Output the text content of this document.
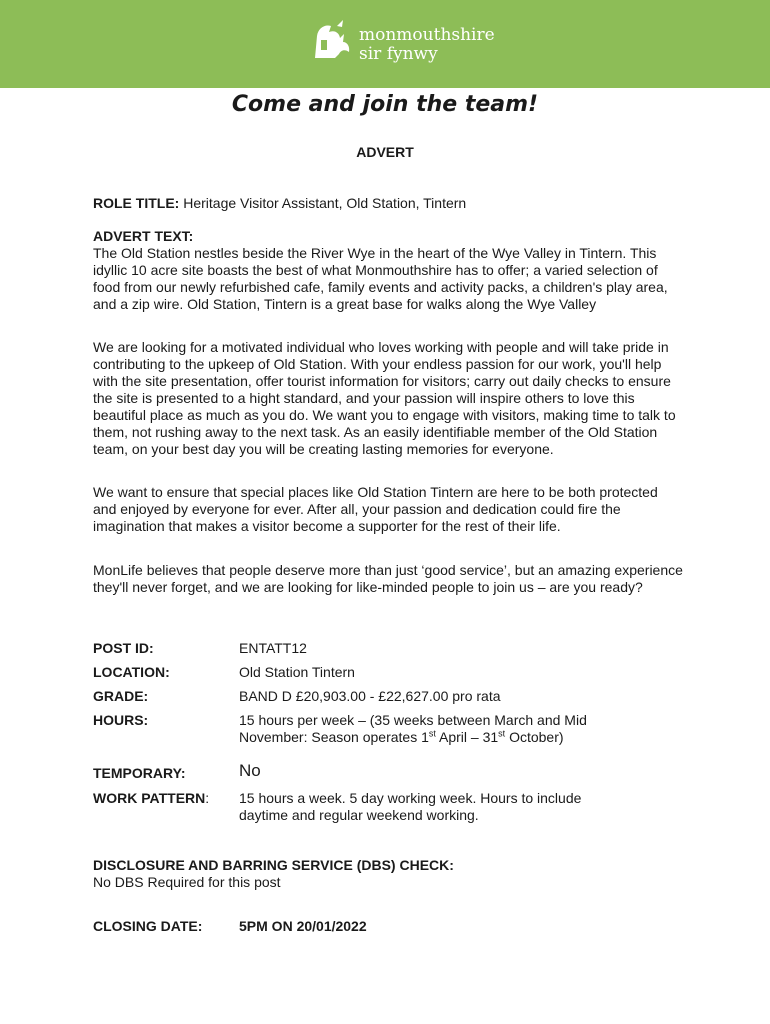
monmouthshire
sir fynwy
Come and join the team!
ADVERT
ROLE TITLE: Heritage Visitor Assistant, Old Station, Tintern
ADVERT TEXT:
The Old Station nestles beside the River Wye in the heart of the Wye Valley in Tintern. This idyllic 10 acre site boasts the best of what Monmouthshire has to offer; a varied selection of food from our newly refurbished cafe, family events and activity packs, a children's play area, and a zip wire. Old Station, Tintern is a great base for walks along the Wye Valley
We are looking for a motivated individual who loves working with people and will take pride in contributing to the upkeep of Old Station. With your endless passion for our work, you'll help with the site presentation, offer tourist information for visitors; carry out daily checks to ensure the site is presented to a hight standard, and your passion will inspire others to love this beautiful place as much as you do. We want you to engage with visitors, making time to talk to them, not rushing away to the next task. As an easily identifiable member of the Old Station team, on your best day you will be creating lasting memories for everyone.
We want to ensure that special places like Old Station Tintern are here to be both protected and enjoyed by everyone for ever. After all, your passion and dedication could fire the imagination that makes a visitor become a supporter for the rest of their life.
MonLife believes that people deserve more than just ‘good service’, but an amazing experience they'll never forget, and we are looking for like-minded people to join us – are you ready?
POST ID:	ENTATT12
LOCATION:	Old Station Tintern
GRADE:	BAND D £20,903.00 - £22,627.00 pro rata
HOURS:	15 hours per week – (35 weeks between March and Mid
November: Season operates 1st April – 31st October)
TEMPORARY:	No
WORK PATTERN: 15 hours a week. 5 day working week. Hours to include
daytime and regular weekend working.
DISCLOSURE AND BARRING SERVICE (DBS) CHECK:
No DBS Required for this post
CLOSING DATE:	5PM ON 20/01/2022
